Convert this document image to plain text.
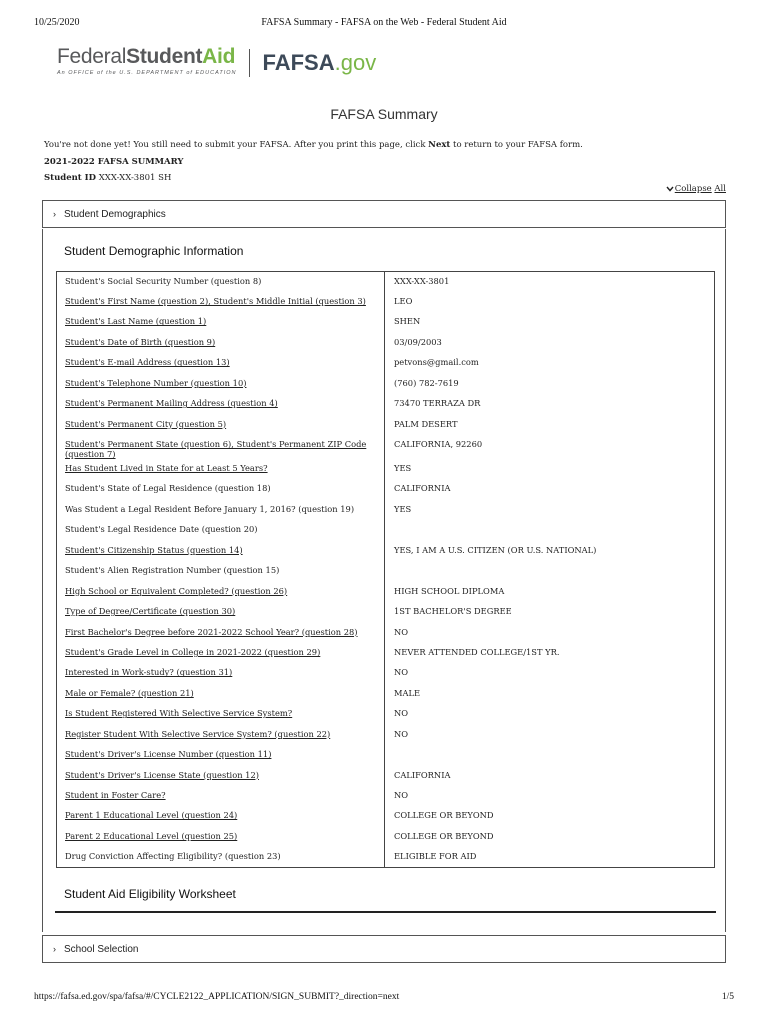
10/25/2020	FAFSA Summary - FAFSA on the Web - Federal Student Aid
FederalStudentAid
An OFFICE of the U.S. DEPARTMENT of EDUCATION FAFSA.gov
FAFSA Summary
You're not done yet! You still need to submit your FAFSA. After you print this page, click Next to return to your FAFSA form.
2021-2022 FAFSA SUMMARY
Student ID XXX-XX-3801 SH
Collapse
All
› Student Demographics
Student Demographic Information
Student's Social Security Number (question 8)	XXX-XX-3801
Student's First Name (question 2), Student's Middle Initial (question 3)	LEO
Student's Last Name (question 1)	SHEN
Student's Date of Birth (question 9)	03/09/2003
Student's E-mail Address (question 13)	petvons@gmail.com
Student's Telephone Number (question 10)	(760) 782-7619
Student's Permanent Mailing Address (question 4)	73470 TERRAZA DR
Student's Permanent City (question 5)	PALM DESERT
Student's Permanent State (question 6), Student's Permanent ZIP Code (question 7)	CALIFORNIA, 92260
Has Student Lived in State for at Least 5 Years?	YES
Student's State of Legal Residence (question 18)	CALIFORNIA
Was Student a Legal Resident Before January 1, 2016? (question 19)	YES
Student's Legal Residence Date (question 20)	
Student's Citizenship Status (question 14)	YES, I AM A U.S. CITIZEN (OR U.S. NATIONAL)
Student's Alien Registration Number (question 15)	
High School or Equivalent Completed? (question 26)	HIGH SCHOOL DIPLOMA
Type of Degree/Certificate (question 30)	1ST BACHELOR'S DEGREE
First Bachelor's Degree before 2021-2022 School Year? (question 28)	NO
Student's Grade Level in College in 2021-2022 (question 29)	NEVER ATTENDED COLLEGE/1ST YR.
Interested in Work-study? (question 31)	NO
Male or Female? (question 21)	MALE
Is Student Registered With Selective Service System?	NO
Register Student With Selective Service System? (question 22)	NO
Student's Driver's License Number (question 11)	
Student's Driver's License State (question 12)	CALIFORNIA
Student in Foster Care?	NO
Parent 1 Educational Level (question 24)	COLLEGE OR BEYOND
Parent 2 Educational Level (question 25)	COLLEGE OR BEYOND
Drug Conviction Affecting Eligibility? (question 23)	ELIGIBLE FOR AID
Student Aid Eligibility Worksheet
› School Selection
https://fafsa.ed.gov/spa/fafsa/#/CYCLE2122_APPLICATION/SIGN_SUBMIT?_direction=next	1/5
